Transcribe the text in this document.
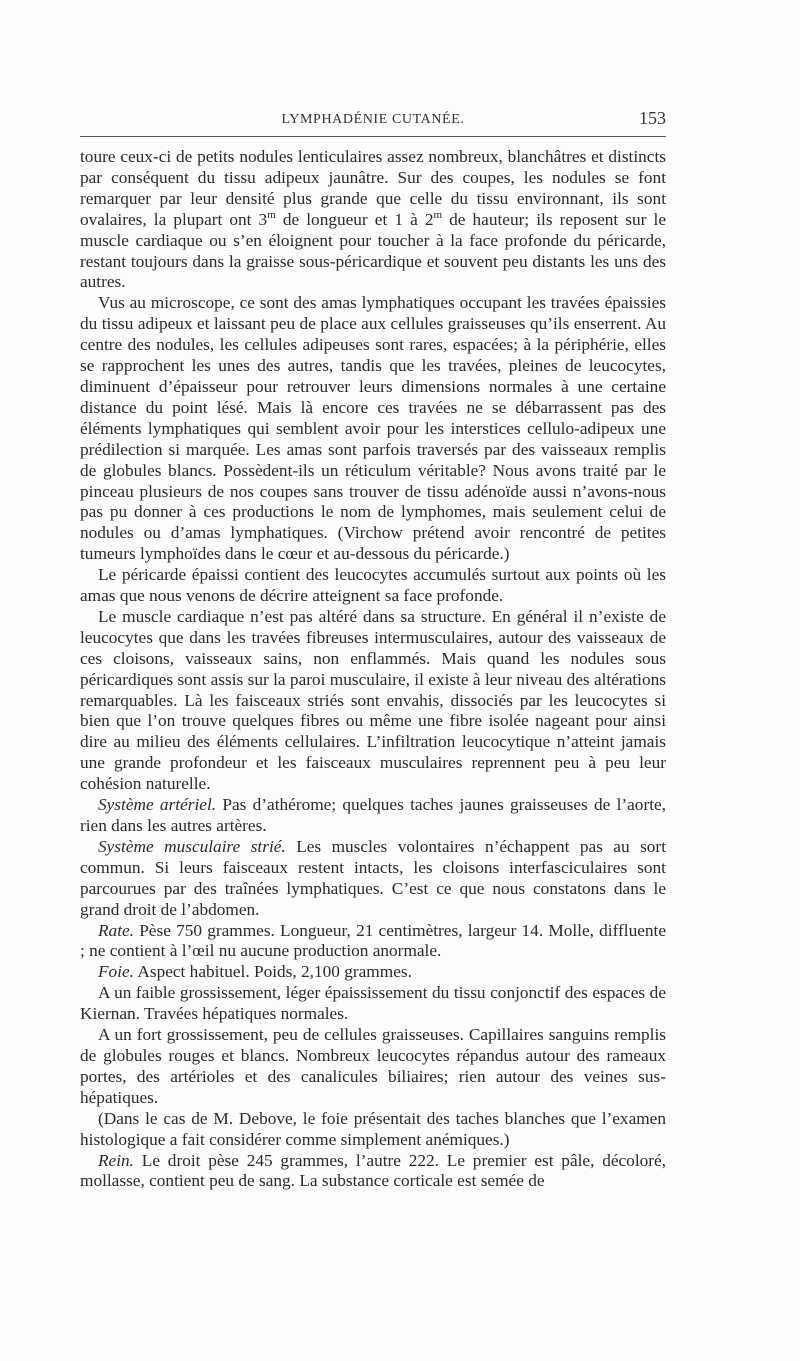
LYMPHADÉNIE CUTANÉE.	153

toure ceux-ci de petits nodules lenticulaires assez nombreux, blanchâtres et distincts par conséquent du tissu adipeux jaunâtre. Sur des coupes, les nodules se font remarquer par leur densité plus grande que celle du tissu environnant, ils sont ovalaires, la plupart ont 3$^m$ de longueur et 1 à 2$^m$ de hauteur; ils reposent sur le muscle cardiaque ou s’en éloignent pour toucher à la face profonde du péricarde, restant toujours dans la graisse sous-péricardique et souvent peu distants les uns des autres.

Vus au microscope, ce sont des amas lymphatiques occupant les travées épaissies du tissu adipeux et laissant peu de place aux cellules graisseuses qu’ils enserrent. Au centre des nodules, les cellules adipeuses sont rares, espacées; à la périphérie, elles se rapprochent les unes des autres, tandis que les travées, pleines de leucocytes, diminuent d’épaisseur pour retrouver leurs dimensions normales à une certaine distance du point lésé. Mais là encore ces travées ne se débarrassent pas des éléments lymphatiques qui semblent avoir pour les interstices cellulo-adipeux une prédilection si marquée. Les amas sont parfois traversés par des vaisseaux remplis de globules blancs. Possèdent-ils un réticulum véritable? Nous avons traité par le pinceau plusieurs de nos coupes sans trouver de tissu adénoïde aussi n’avons-nous pas pu donner à ces productions le nom de lymphomes, mais seulement celui de nodules ou d’amas lymphatiques. (Virchow prétend avoir rencontré de petites tumeurs lymphoïdes dans le cœur et au-dessous du péricarde.)

Le péricarde épaissi contient des leucocytes accumulés surtout aux points où les amas que nous venons de décrire atteignent sa face profonde.

Le muscle cardiaque n’est pas altéré dans sa structure. En général il n’existe de leucocytes que dans les travées fibreuses intermusculaires, autour des vaisseaux de ces cloisons, vaisseaux sains, non enflammés. Mais quand les nodules sous péricardiques sont assis sur la paroi musculaire, il existe à leur niveau des altérations remarquables. Là les faisceaux striés sont envahis, dissociés par les leucocytes si bien que l’on trouve quelques fibres ou même une fibre isolée nageant pour ainsi dire au milieu des éléments cellulaires. L’infiltration leucocytique n’atteint jamais une grande profondeur et les faisceaux musculaires reprennent peu à peu leur cohésion naturelle.

Système artériel. Pas d’athérome; quelques taches jaunes graisseuses de l’aorte, rien dans les autres artères.

Système musculaire strié. Les muscles volontaires n’échappent pas au sort commun. Si leurs faisceaux restent intacts, les cloisons interfasciculaires sont parcourues par des traînées lymphatiques. C’est ce que nous constatons dans le grand droit de l’abdomen.

Rate. Pèse 750 grammes. Longueur, 21 centimètres, largeur 14. Molle, diffluente ; ne contient à l’œil nu aucune production anormale.

Foie. Aspect habituel. Poids, 2,100 grammes.

A un faible grossissement, léger épaississement du tissu conjonctif des espaces de Kiernan. Travées hépatiques normales.

A un fort grossissement, peu de cellules graisseuses. Capillaires sanguins remplis de globules rouges et blancs. Nombreux leucocytes répandus autour des rameaux portes, des artérioles et des canalicules biliaires; rien autour des veines sus-hépatiques.

(Dans le cas de M. Debove, le foie présentait des taches blanches que l’examen histologique a fait considérer comme simplement anémiques.)

Rein. Le droit pèse 245 grammes, l’autre 222. Le premier est pâle, décoloré, mollasse, contient peu de sang. La substance corticale est semée de
